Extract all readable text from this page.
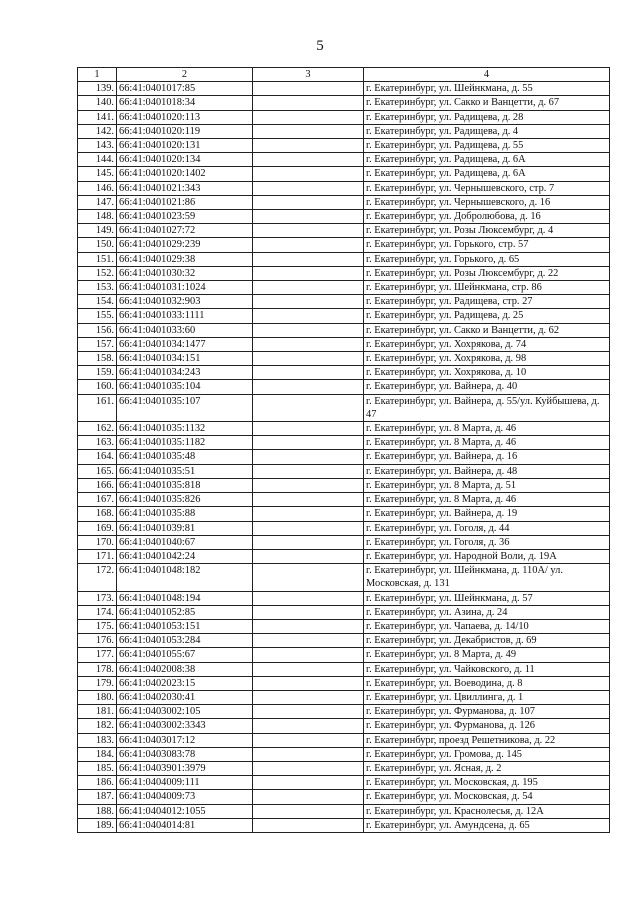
5
1	2	3	4
139.	66:41:0401017:85		г. Екатеринбург, ул. Шейнкмана, д. 55
140.	66:41:0401018:34		г. Екатеринбург, ул. Сакко и Ванцетти, д. 67
141.	66:41:0401020:113		г. Екатеринбург, ул. Радищева, д. 28
142.	66:41:0401020:119		г. Екатеринбург, ул. Радищева, д. 4
143.	66:41:0401020:131		г. Екатеринбург, ул. Радищева, д. 55
144.	66:41:0401020:134		г. Екатеринбург, ул. Радищева, д. 6А
145.	66:41:0401020:1402		г. Екатеринбург, ул. Радищева, д. 6А
146.	66:41:0401021:343		г. Екатеринбург, ул. Чернышевского, стр. 7
147.	66:41:0401021:86		г. Екатеринбург, ул. Чернышевского, д. 16
148.	66:41:0401023:59		г. Екатеринбург, ул. Добролюбова, д. 16
149.	66:41:0401027:72		г. Екатеринбург, ул. Розы Люксембург, д. 4
150.	66:41:0401029:239		г. Екатеринбург, ул. Горького, стр. 57
151.	66:41:0401029:38		г. Екатеринбург, ул. Горького, д. 65
152.	66:41:0401030:32		г. Екатеринбург, ул. Розы Люксембург, д. 22
153.	66:41:0401031:1024		г. Екатеринбург, ул. Шейнкмана, стр. 86
154.	66:41:0401032:903		г. Екатеринбург, ул. Радищева, стр. 27
155.	66:41:0401033:1111		г. Екатеринбург, ул. Радищева, д. 25
156.	66:41:0401033:60		г. Екатеринбург, ул. Сакко и Ванцетти, д. 62
157.	66:41:0401034:1477		г. Екатеринбург, ул. Хохрякова, д. 74
158.	66:41:0401034:151		г. Екатеринбург, ул. Хохрякова, д. 98
159.	66:41:0401034:243		г. Екатеринбург, ул. Хохрякова, д. 10
160.	66:41:0401035:104		г. Екатеринбург, ул. Вайнера, д. 40
161.	66:41:0401035:107		г. Екатеринбург, ул. Вайнера, д. 55/ул. Куйбышева, д. 47
162.	66:41:0401035:1132		г. Екатеринбург, ул. 8 Марта, д. 46
163.	66:41:0401035:1182		г. Екатеринбург, ул. 8 Марта, д. 46
164.	66:41:0401035:48		г. Екатеринбург, ул. Вайнера, д. 16
165.	66:41:0401035:51		г. Екатеринбург, ул. Вайнера, д. 48
166.	66:41:0401035:818		г. Екатеринбург, ул. 8 Марта, д. 51
167.	66:41:0401035:826		г. Екатеринбург, ул. 8 Марта, д. 46
168.	66:41:0401035:88		г. Екатеринбург, ул. Вайнера, д. 19
169.	66:41:0401039:81		г. Екатеринбург, ул. Гоголя, д. 44
170.	66:41:0401040:67		г. Екатеринбург, ул. Гоголя, д. 36
171.	66:41:0401042:24		г. Екатеринбург, ул. Народной Воли, д. 19А
172.	66:41:0401048:182		г. Екатеринбург, ул. Шейнкмана, д. 110А/ ул. Московская, д. 131
173.	66:41:0401048:194		г. Екатеринбург, ул. Шейнкмана, д. 57
174.	66:41:0401052:85		г. Екатеринбург, ул. Азина, д. 24
175.	66:41:0401053:151		г. Екатеринбург, ул. Чапаева, д. 14/10
176.	66:41:0401053:284		г. Екатеринбург, ул. Декабристов, д. 69
177.	66:41:0401055:67		г. Екатеринбург, ул. 8 Марта, д. 49
178.	66:41:0402008:38		г. Екатеринбург, ул. Чайковского, д. 11
179.	66:41:0402023:15		г. Екатеринбург, ул. Воеводина, д. 8
180.	66:41:0402030:41		г. Екатеринбург, ул. Цвиллинга, д. 1
181.	66:41:0403002:105		г. Екатеринбург, ул. Фурманова, д. 107
182.	66:41:0403002:3343		г. Екатеринбург, ул. Фурманова, д. 126
183.	66:41:0403017:12		г. Екатеринбург, проезд Решетникова, д. 22
184.	66:41:0403083:78		г. Екатеринбург, ул. Громова, д. 145
185.	66:41:0403901:3979		г. Екатеринбург, ул. Ясная, д. 2
186.	66:41:0404009:111		г. Екатеринбург, ул. Московская, д. 195
187.	66:41:0404009:73		г. Екатеринбург, ул. Московская, д. 54
188.	66:41:0404012:1055		г. Екатеринбург, ул. Краснолесья, д. 12А
189.	66:41:0404014:81		г. Екатеринбург, ул. Амундсена, д. 65
